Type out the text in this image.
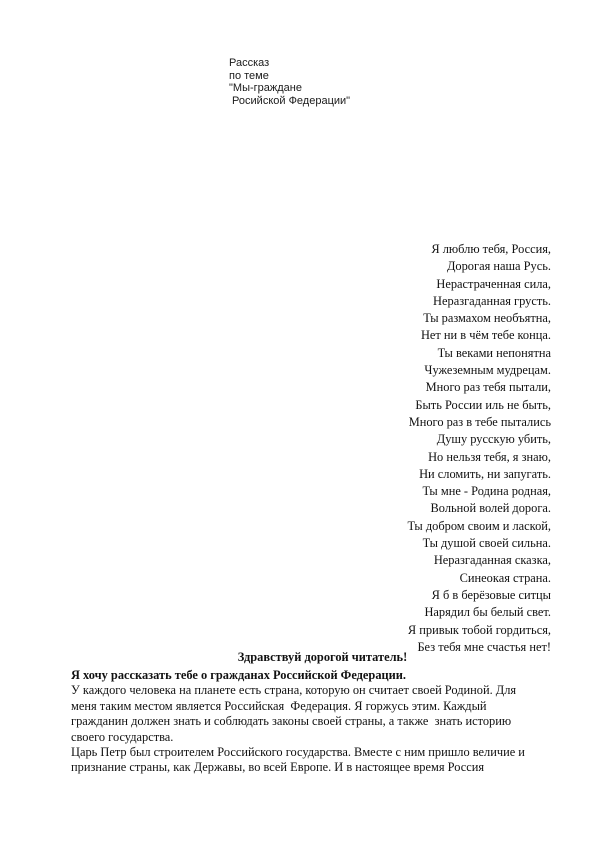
Рассказ
по теме
"Мы-граждане
Росийской Федерации"
Я люблю тебя, Россия,
Дорогая наша Русь.
Нерастраченная сила,
Неразгаданная грусть.
Ты размахом необъятна,
Нет ни в чём тебе конца.
Ты веками непонятна
Чужеземным мудрецам.
Много раз тебя пытали,
Быть России иль не быть,
Много раз в тебе пытались
Душу русскую убить,
Но нельзя тебя, я знаю,
Ни сломить, ни запугать.
Ты мне - Родина родная,
Вольной волей дорога.
Ты добром своим и лаской,
Ты душой своей сильна.
Неразгаданная сказка,
Синеокая страна.
Я б в берёзовые ситцы
Нарядил бы белый свет.
Я привык тобой гордиться,
Без тебя мне счастья нет!
Здравствуй дорогой читатель!
Я хочу рассказать тебе о гражданах Российской Федерации.
У каждого человека на планете есть страна, которую он считает своей Родиной. Для
меня таким местом является Российская  Федерация. Я горжусь этим. Каждый
гражданин должен знать и соблюдать законы своей страны, а также  знать историю
своего государства.
Царь Петр был строителем Российского государства. Вместе с ним пришло величие и
признание страны, как Державы, во всей Европе. И в настоящее время Россия
